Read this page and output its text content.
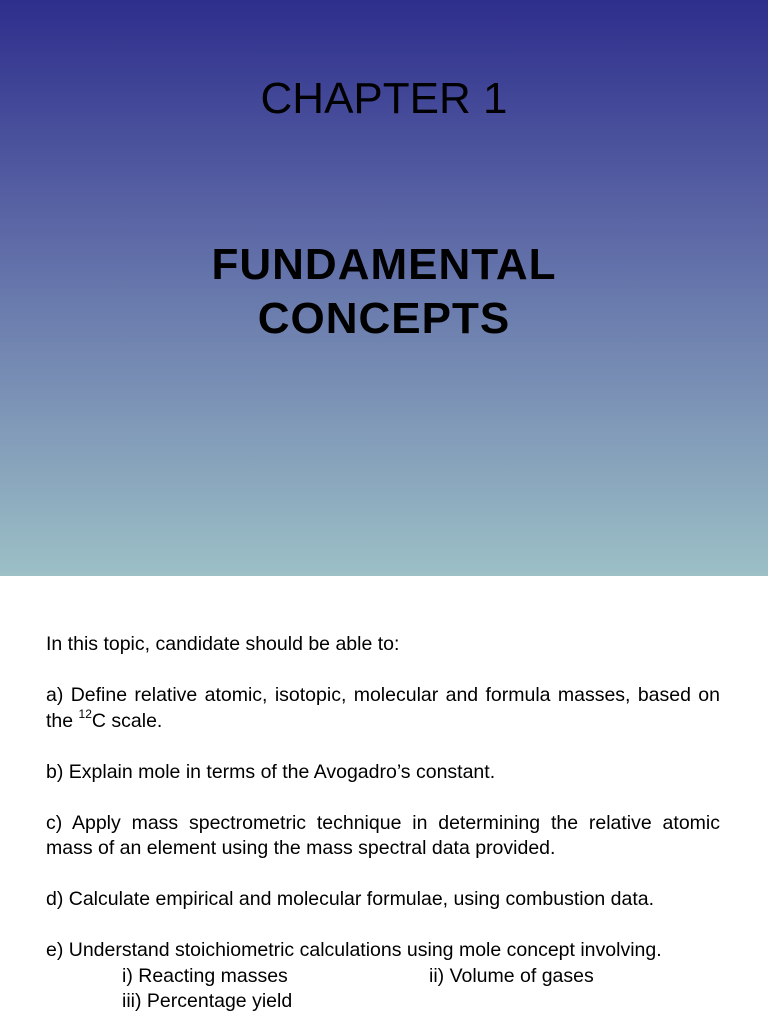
CHAPTER 1
FUNDAMENTAL
CONCEPTS

In this topic, candidate should be able to:

a) Define relative atomic, isotopic, molecular and formula masses, based on the $^{12}$C scale.

b) Explain mole in terms of the Avogadro’s constant.

c) Apply mass spectrometric technique in determining the relative atomic mass of an element using the mass spectral data provided.

d) Calculate empirical and molecular formulae, using combustion data.

e) Understand stoichiometric calculations using mole concept involving.

i) Reacting masses	ii) Volume of gases
iii) Percentage yield
